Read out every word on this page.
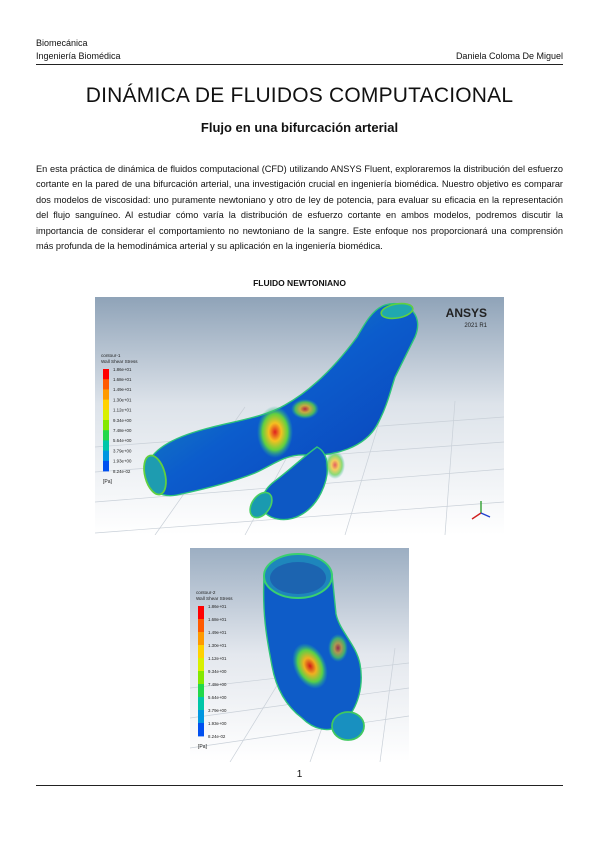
Biomecánica
Ingeniería Biomédica	Daniela Coloma De Miguel
DINÁMICA DE FLUIDOS COMPUTACIONAL
Flujo en una bifurcación arterial
En esta práctica de dinámica de fluidos computacional (CFD) utilizando ANSYS Fluent, exploraremos la distribución del esfuerzo cortante en la pared de una bifurcación arterial, una investigación crucial en ingeniería biomédica. Nuestro objetivo es comparar dos modelos de viscosidad: uno puramente newtoniano y otro de ley de potencia, para evaluar su eficacia en la representación del flujo sanguíneo. Al estudiar cómo varía la distribución de esfuerzo cortante en ambos modelos, podremos discutir la importancia de considerar el comportamiento no newtoniano de la sangre. Este enfoque nos proporcionará una comprensión más profunda de la hemodinámica arterial y su aplicación en la ingeniería biomédica.
FLUIDO NEWTONIANO
ANSYS
2021 R1
contour-1
Wall Shear Stress
1.86e+01
1.68e+01
1.49e+01
1.30e+01
1.12e+01
9.34e+00
7.48e+00
5.64e+00
3.79e+00
1.93e+00
8.24e-02
[Pa]
contour-2
Wall Shear Stress
1.86e+01
1.68e+01
1.49e+01
1.30e+01
1.12e+01
9.34e+00
7.48e+00
5.64e+00
3.79e+00
1.93e+00
8.24e-02
[Pa]
1
